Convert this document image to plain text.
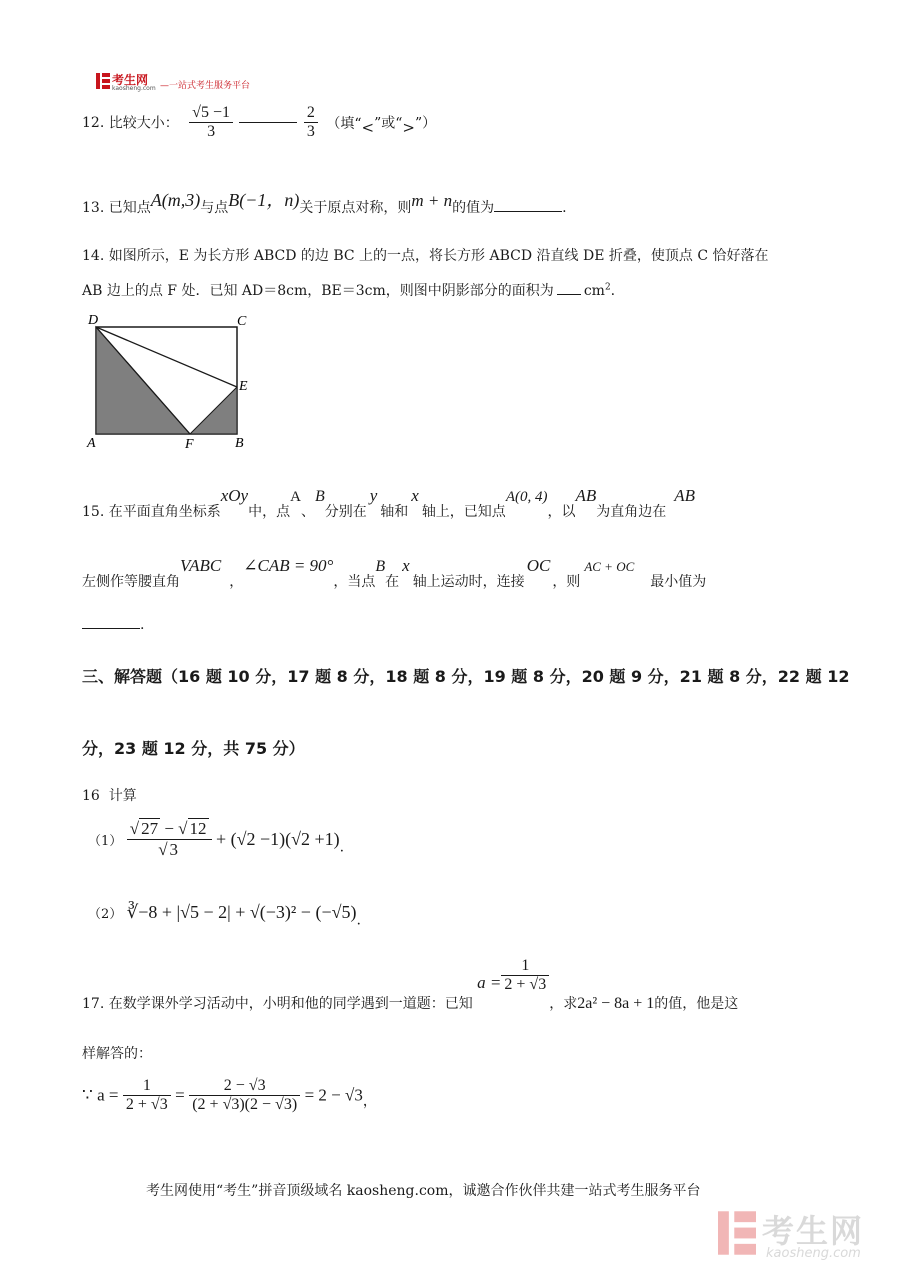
考生网
kaosheng.com —一站式考生服务平台
12. 比较大小： $\frac{√5 -1}{3}$
	$\frac{2}{3}$ （填“<”或“>”）
13. 已知点A(m,3)与点B(−1，n)关于原点对称，则m + n的值为	.
14. 如图所示，E 为长方形 ABCD 的边 BC 上的一点，将长方形 ABCD 沿直线 DE 折叠，使顶点 C 恰好落在
AB 边上的点 F 处．已知 AD＝8cm，BE＝3cm，则图中阴影部分的面积为 $cm^2$.
D	C
E
A	F	B
15. 在平面直角坐标系xOy中，点A、B分别在y轴和x轴上，已知点A(0, 4)，以AB为直角边在AB
左侧作等腰直角VABC，∠CAB = 90°，当点B在x轴上运动时，连接OC，则AC + OC最小值为
.
三、解答题（16 题 10 分，17 题 8 分，18 题 8 分，19 题 8 分，20 题 9 分，21 题 8 分，22 题 12
分，23 题 12 分，共 75 分）
16 计算
$(1) \frac{√ 27 - √ 12}{√ 3} + (√2 -1)(√2 +1)$.
（2） ∛−8 + |√5 − 2| + √(−3)² − (−√5).
17. 在数学课外学习活动中，小明和他的同学遇到一道题：已知 $a = \frac{1}{2 + √3}$
，求2a² − 8a + 1的值，他是这
样解答的：
∵ $a = \frac{1}{2 + √3} = \frac{2 - √3}{(2 + √3)(2 - √3)} = 2 - √3$，
考生网使用“考生”拼音顶级域名 kaosheng.com，诚邀合作伙伴共建一站式考生服务平台
考生网
kaosheng.com
